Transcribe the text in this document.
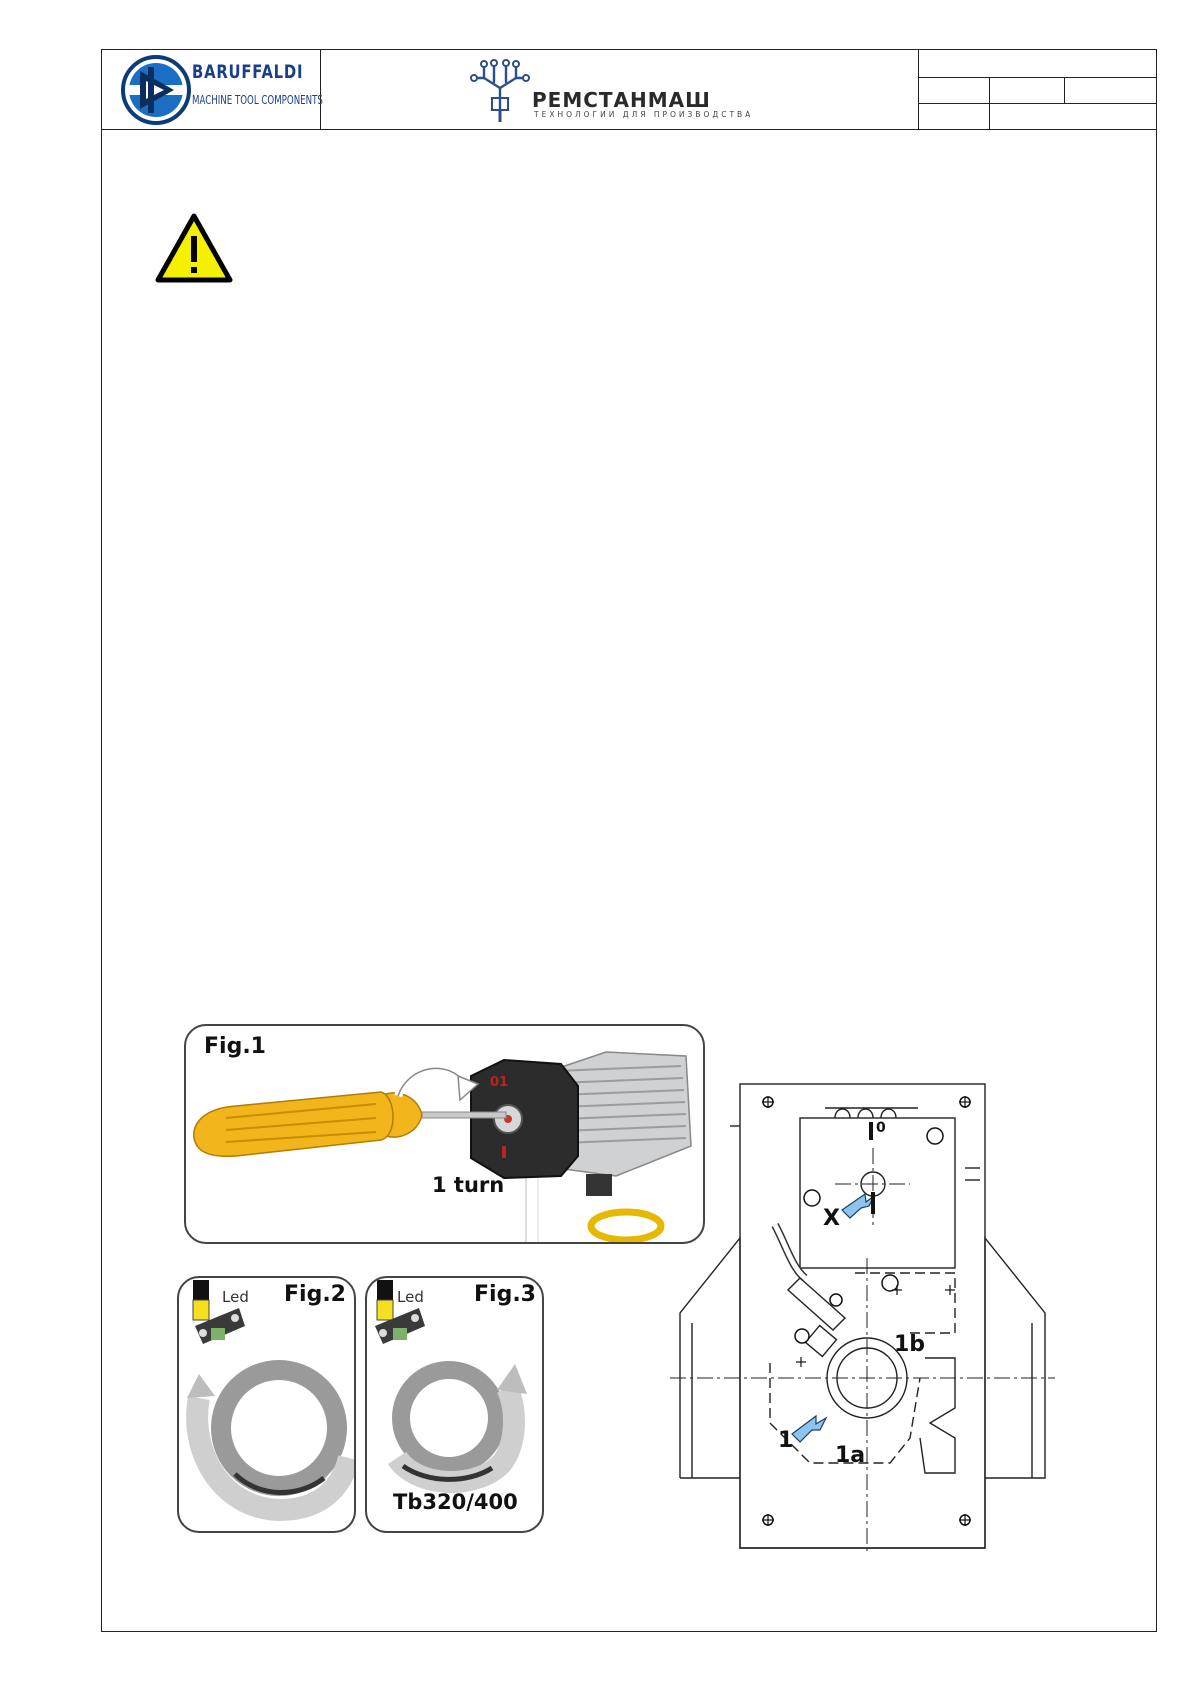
BARUFFALDI
MACHINE TOOL COMPONENTS	РЕМСТАНМАШ
ТЕХНОЛОГИИ ДЛЯ ПРОИЗВОДСТВА
Fig.1
01
1 turn
Fig.2
Led	Fig.3
Led
Tb320/400
0
X
1
1a
1b
